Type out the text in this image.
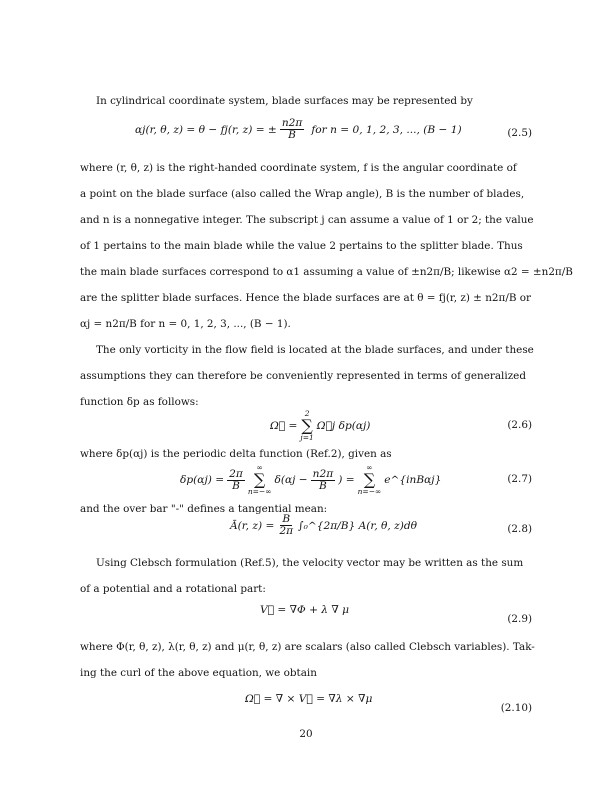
In cylindrical coordinate system, blade surfaces may be represented by
αj(r, θ, z) = θ − fj(r, z) = ± $\frac{n2\pi}{B}$ for n = 0, 1, 2, 3, ..., (B − 1)	(2.5)
where (r, θ, z) is the right-handed coordinate system, f is the angular coordinate of
a point on the blade surface (also called the Wrap angle), B is the number of blades,
and n is a nonnegative integer. The subscript j can assume a value of 1 or 2; the value
of 1 pertains to the main blade while the value 2 pertains to the splitter blade. Thus
the main blade surfaces correspond to α1 assuming a value of ±n2π/B; likewise α2 = ±n2π/B
are the splitter blade surfaces. Hence the blade surfaces are at θ = fj(r, z) ± n2π/B or
αj = n2π/B for n = 0, 1, 2, 3, ..., (B − 1).
The only vorticity in the flow field is located at the blade surfaces, and under these
assumptions they can therefore be conveniently represented in terms of generalized
function δp as follows:
Ω⃗ =
2
∑
j=1
Ω⃗j δp(αj)	(2.6)
where δp(αj) is the periodic delta function (Ref.2), given as
$\delta p(\alpha j) = \frac{2\pi}{B}$
∞
∑
n=−∞
$\delta(\alpha j - \frac{n2\pi}{B}$ ) =
∞
∑
n=−∞
e^{inBαj}	(2.7)
and the over bar "-" defines a tangential mean:
Ā(r, $z) = \frac{B}{2\pi}$ ∫₀^{2π/B} A(r, θ, z)dθ	(2.8)
Using Clebsch formulation (Ref.5), the velocity vector may be written as the sum
of a potential and a rotational part:
V⃗ = ∇Φ + λ ∇ μ
(2.9)
where Φ(r, θ, z), λ(r, θ, z) and μ(r, θ, z) are scalars (also called Clebsch variables). Tak-
ing the curl of the above equation, we obtain
Ω⃗ = ∇ × V⃗ = ∇λ × ∇μ
(2.10)
20
